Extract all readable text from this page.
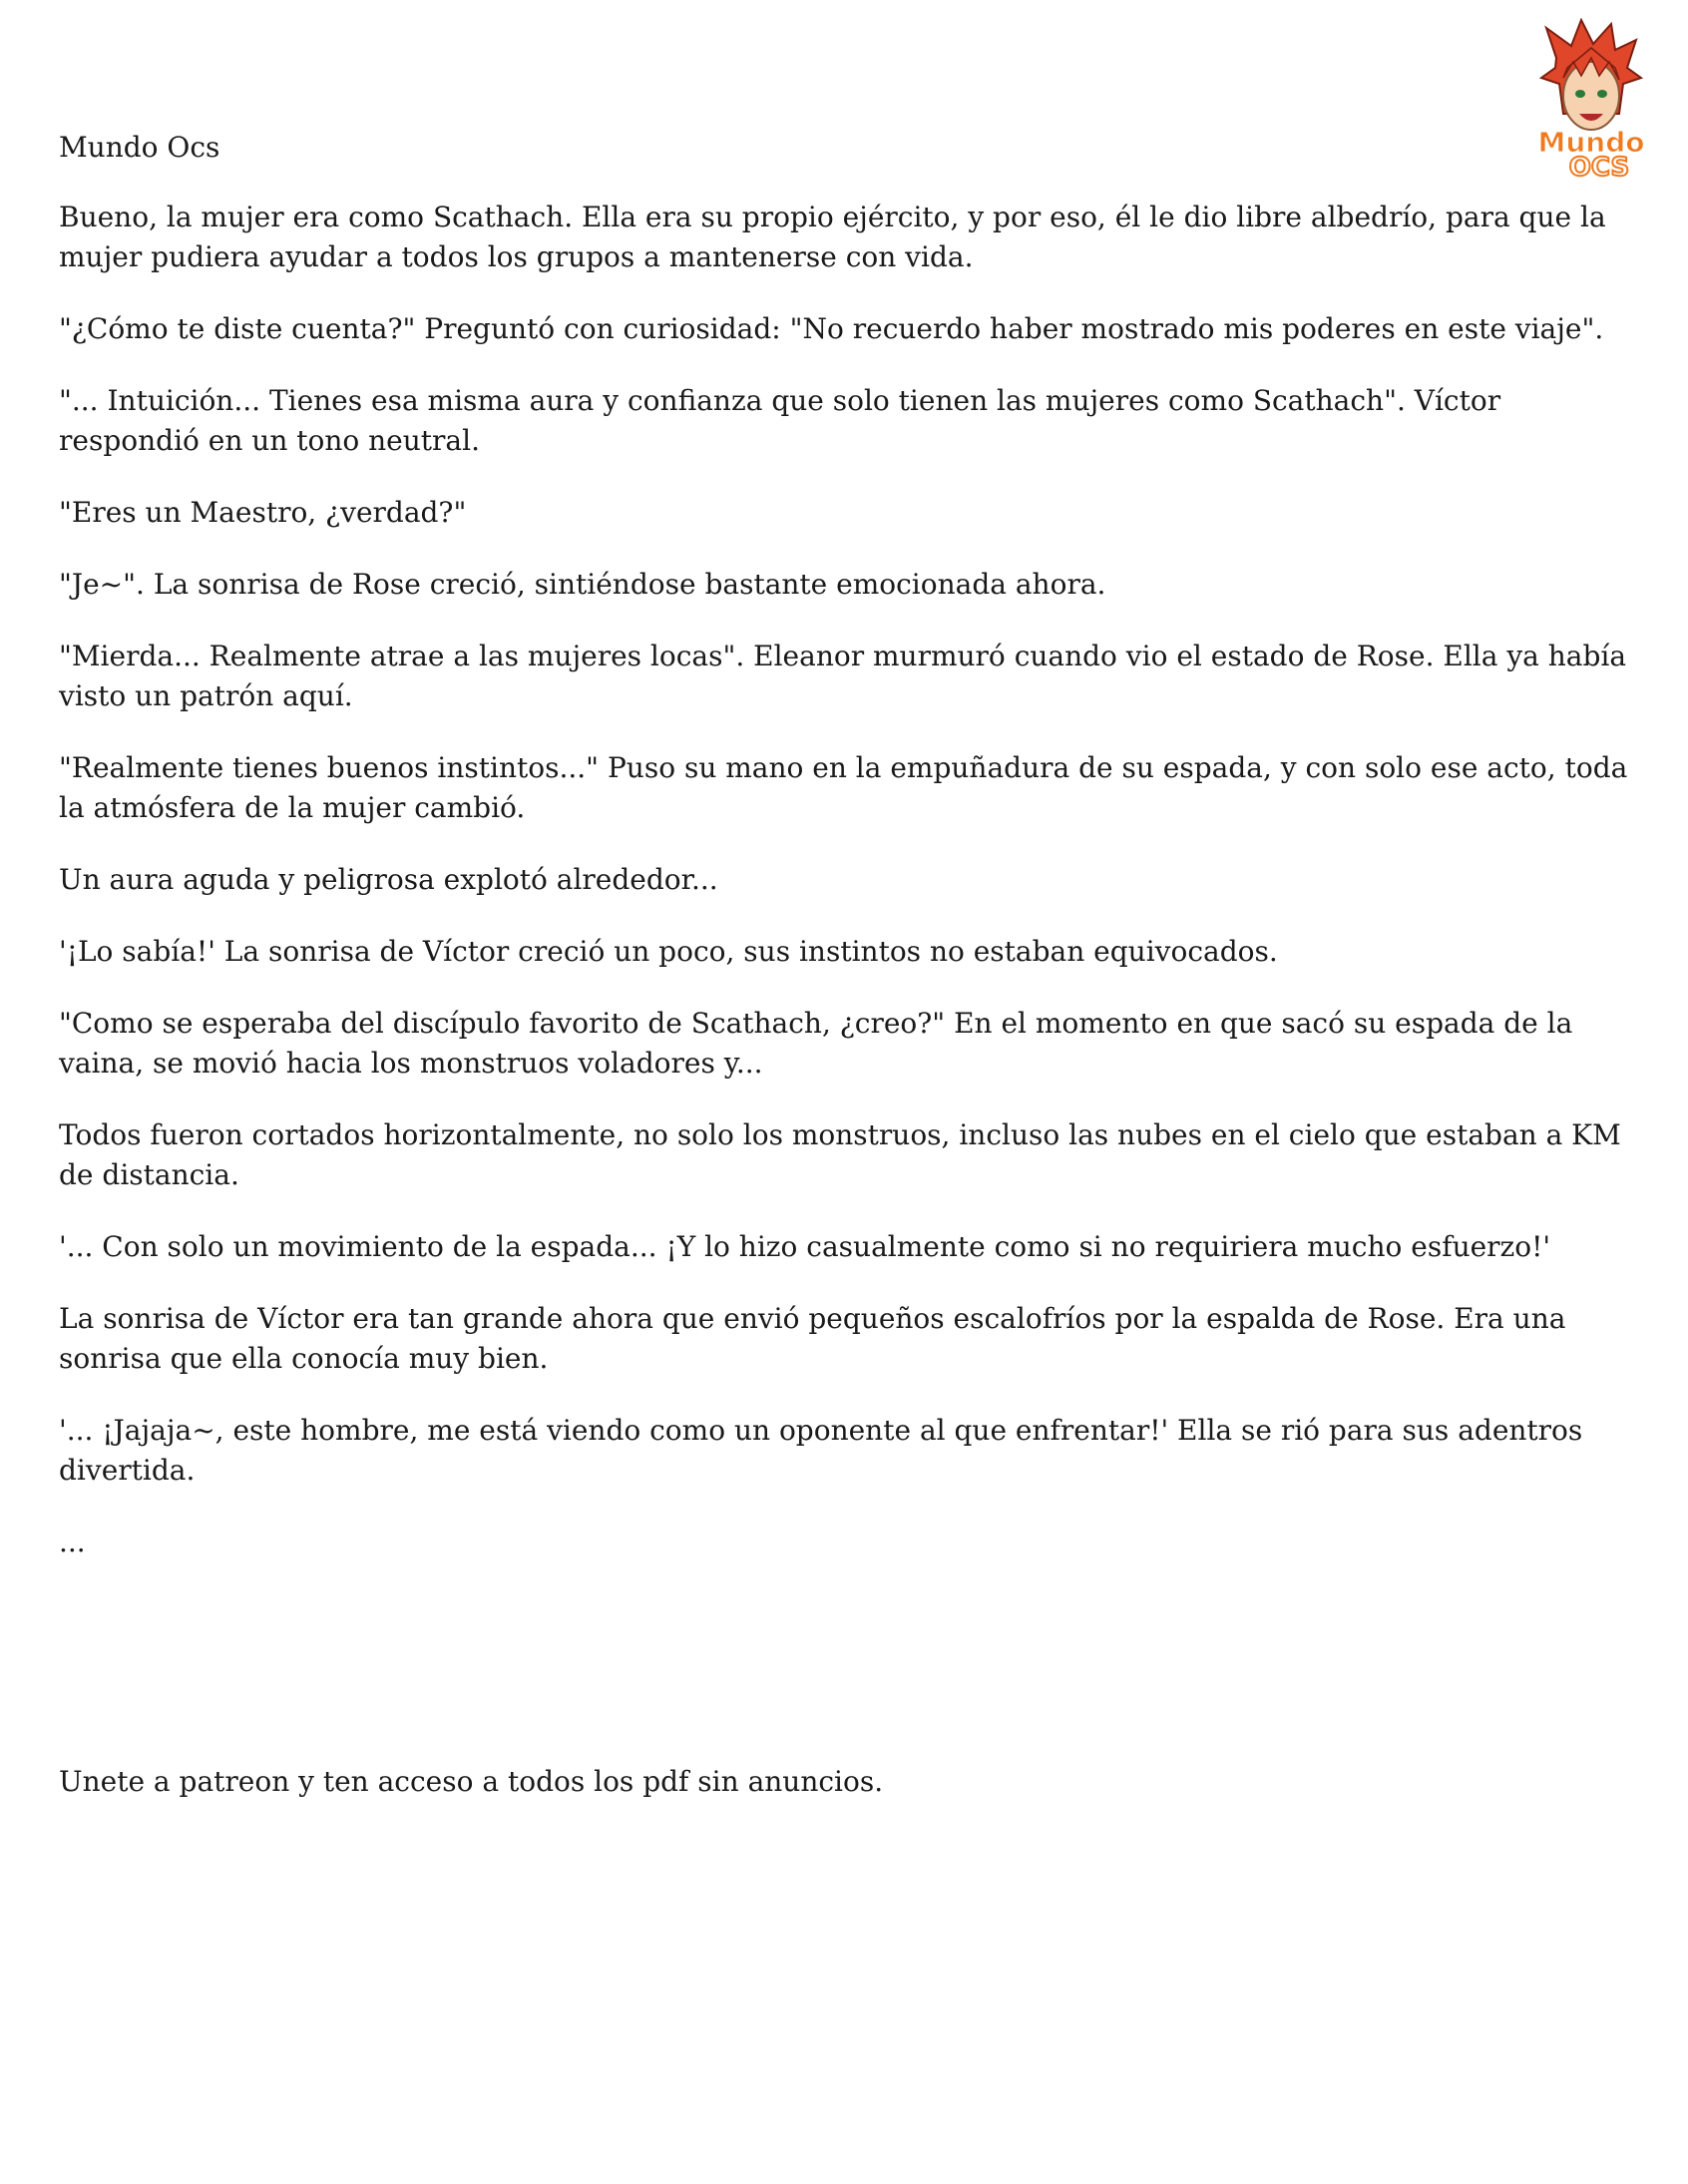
Mundo
OCS
Mundo Ocs

Bueno, la mujer era como Scathach. Ella era su propio ejército, y por eso, él le dio libre albedrío, para que la mujer pudiera ayudar a todos los grupos a mantenerse con vida.

"¿Cómo te diste cuenta?" Preguntó con curiosidad: "No recuerdo haber mostrado mis poderes en este viaje".

"... Intuición... Tienes esa misma aura y confianza que solo tienen las mujeres como Scathach". Víctor respondió en un tono neutral.

"Eres un Maestro, ¿verdad?"

"Je~". La sonrisa de Rose creció, sintiéndose bastante emocionada ahora.

"Mierda... Realmente atrae a las mujeres locas". Eleanor murmuró cuando vio el estado de Rose. Ella ya había visto un patrón aquí.

"Realmente tienes buenos instintos..." Puso su mano en la empuñadura de su espada, y con solo ese acto, toda la atmósfera de la mujer cambió.

Un aura aguda y peligrosa explotó alrededor...

'¡Lo sabía!' La sonrisa de Víctor creció un poco, sus instintos no estaban equivocados.

"Como se esperaba del discípulo favorito de Scathach, ¿creo?" En el momento en que sacó su espada de la vaina, se movió hacia los monstruos voladores y...

Todos fueron cortados horizontalmente, no solo los monstruos, incluso las nubes en el cielo que estaban a KM de distancia.

'... Con solo un movimiento de la espada... ¡Y lo hizo casualmente como si no requiriera mucho esfuerzo!'

La sonrisa de Víctor era tan grande ahora que envió pequeños escalofríos por la espalda de Rose. Era una sonrisa que ella conocía muy bien.

'... ¡Jajaja~, este hombre, me está viendo como un oponente al que enfrentar!' Ella se rió para sus adentros divertida.

...

Unete a patreon y ten acceso a todos los pdf sin anuncios.
